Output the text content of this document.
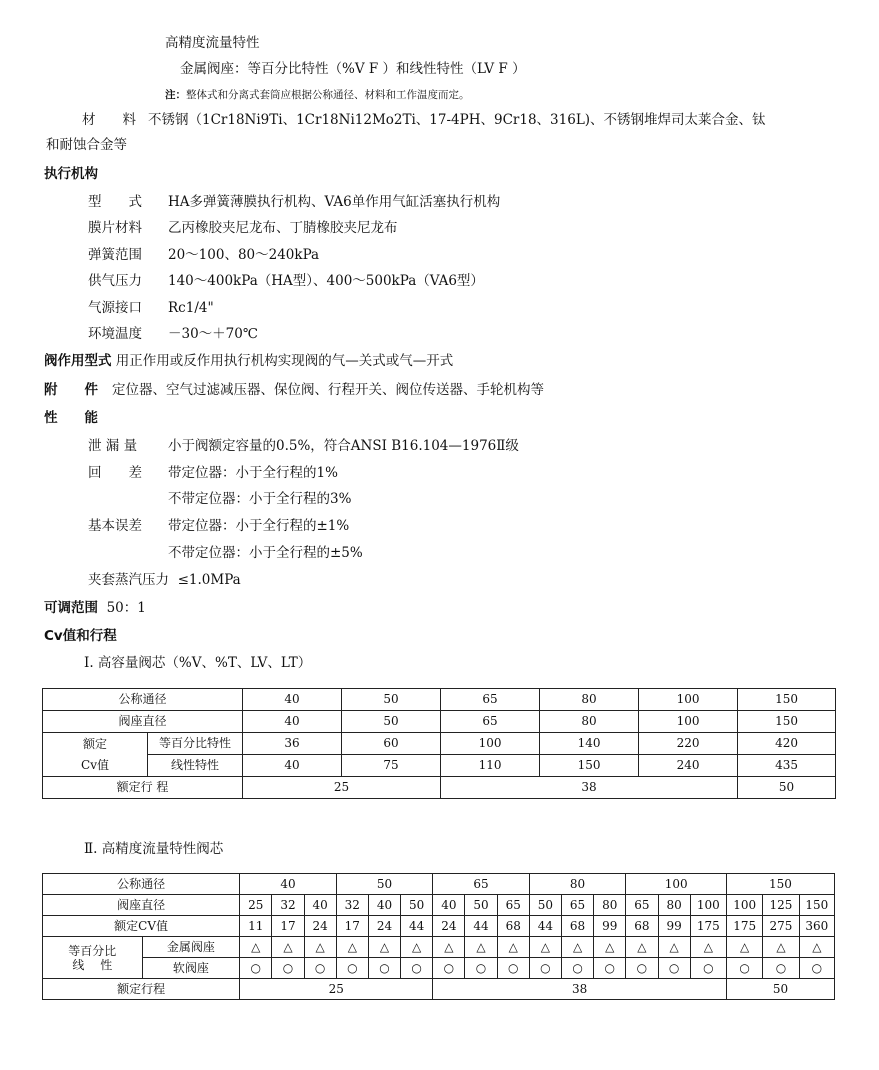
高精度流量特性
金属阀座：等百分比特性（%V F ）和线性特性（LV F ）
注：整体式和分离式套筒应根据公称通径、材料和工作温度而定。
材　　料 不锈钢（1Cr18Ni9Ti、1Cr18Ni12Mo2Ti、17-4PH、9Cr18、316L)、不锈钢堆焊司太莱合金、钛
和耐蚀合金等
执行机构
型　　式 HA多弹簧薄膜执行机构、VA6单作用气缸活塞执行机构
膜片材料 乙丙橡胶夹尼龙布、丁腈橡胶夹尼龙布
弹簧范围 20～100、80～240kPa
供气压力 140～400kPa（HA型）、400～500kPa（VA6型）
气源接口 Rc1/4"
环境温度 －30～＋70℃
阀作用型式 用正作用或反作用执行机构实现阀的气—关式或气—开式
附　　件 定位器、空气过滤减压器、保位阀、行程开关、阀位传送器、手轮机构等
性　　能
泄 漏 量 小于阀额定容量的0.5%，符合ANSI B16.104—1976Ⅱ级
回　　差 带定位器：小于全行程的1%
不带定位器：小于全行程的3%
基本误差 带定位器：小于全行程的±1%
不带定位器：小于全行程的±5%
夹套蒸汽压力 ≤1.0MPa
可调范围 50：1
Cv值和行程
Ⅰ. 高容量阀芯（%V、%T、LV、LT）
公称通径		40	50	65	80	100	150
阀座直径		40	50	65	80	100	150
额定
Cv值	等百分比特性	36	60	100	140	220	420
	线性特性	40	75	110	150	240	435
额定行 程		25		38			50
Ⅱ. 高精度流量特性阀芯
公称通径		40			50			65			80			100			150		
阀座直径		25	32	40	32	40	50	40	50	65	50	65	80	65	80	100	100	125	150
额定CV值		11	17	24	17	24	44	24	44	68	44	68	99	68	99	175	175	275	360
等百分比
线　 性	金属阀座	△	△	△	△	△	△	△	△	△	△	△	△	△	△	△	△	△	△
	软阀座	○	○	○	○	○	○	○	○	○	○	○	○	○	○	○	○	○	○
额定行程		25						38									50		
